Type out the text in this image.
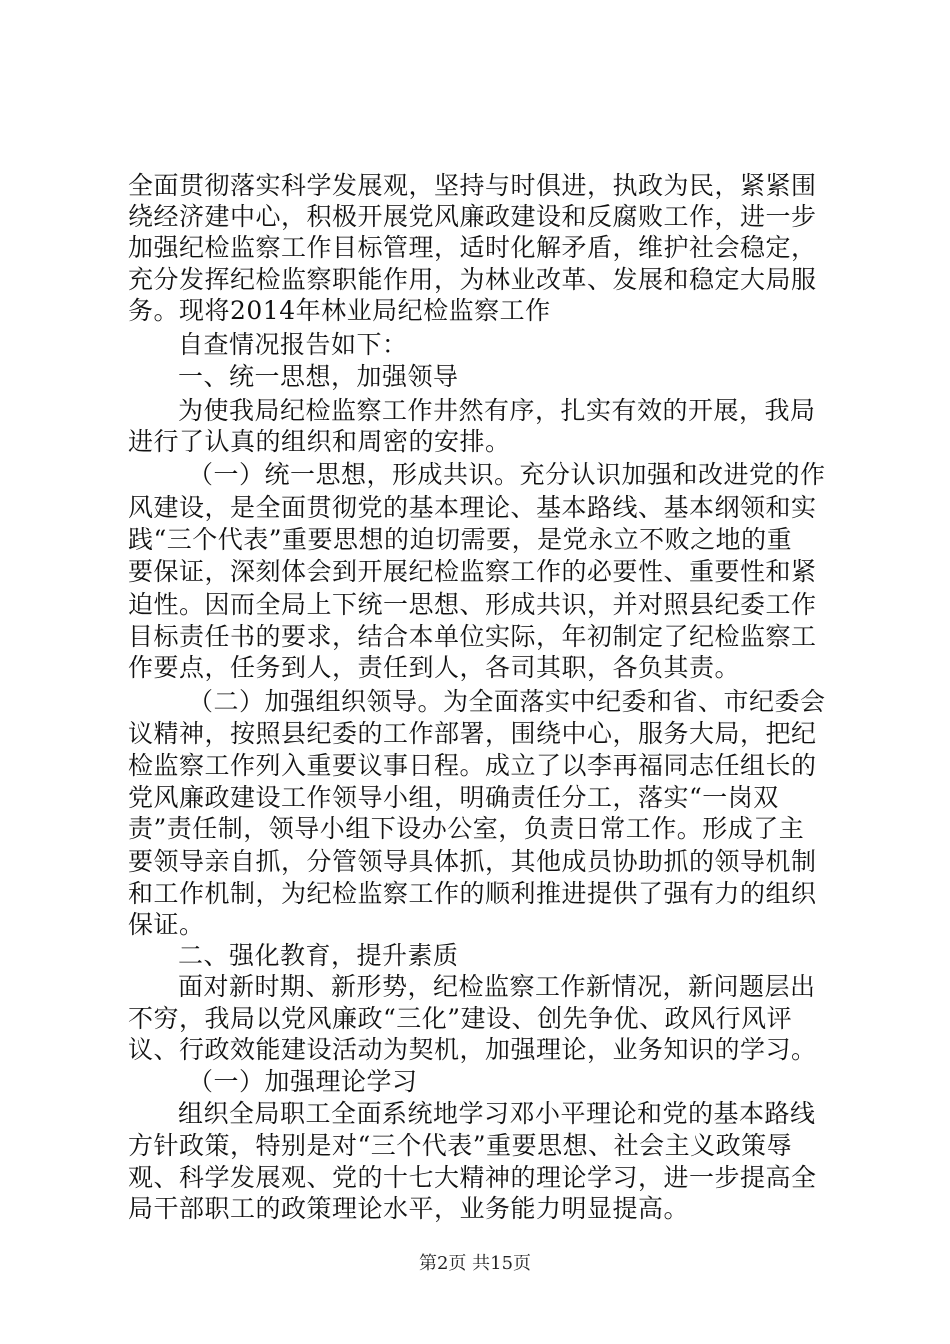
全面贯彻落实科学发展观，坚持与时俱进，执政为民，紧紧围
绕经济建中心，积极开展党风廉政建设和反腐败工作，进一步
加强纪检监察工作目标管理，适时化解矛盾，维护社会稳定，
充分发挥纪检监察职能作用，为林业改革、发展和稳定大局服
务。现将2014年林业局纪检监察工作
自查情况报告如下：
一、统一思想，加强领导
为使我局纪检监察工作井然有序，扎实有效的开展，我局
进行了认真的组织和周密的安排。
（一）统一思想，形成共识。充分认识加强和改进党的作
风建设，是全面贯彻党的基本理论、基本路线、基本纲领和实
践“三个代表”重要思想的迫切需要，是党永立不败之地的重
要保证，深刻体会到开展纪检监察工作的必要性、重要性和紧
迫性。因而全局上下统一思想、形成共识，并对照县纪委工作
目标责任书的要求，结合本单位实际，年初制定了纪检监察工
作要点，任务到人，责任到人，各司其职，各负其责。
（二）加强组织领导。为全面落实中纪委和省、市纪委会
议精神，按照县纪委的工作部署，围绕中心，服务大局，把纪
检监察工作列入重要议事日程。成立了以李再福同志任组长的
党风廉政建设工作领导小组，明确责任分工，落实“一岗双
责”责任制，领导小组下设办公室，负责日常工作。形成了主
要领导亲自抓，分管领导具体抓，其他成员协助抓的领导机制
和工作机制，为纪检监察工作的顺利推进提供了强有力的组织
保证。
二、强化教育，提升素质
面对新时期、新形势，纪检监察工作新情况，新问题层出
不穷，我局以党风廉政“三化”建设、创先争优、政风行风评
议、行政效能建设活动为契机，加强理论，业务知识的学习。
（一）加强理论学习
组织全局职工全面系统地学习邓小平理论和党的基本路线
方针政策，特别是对“三个代表”重要思想、社会主义政策辱
观、科学发展观、党的十七大精神的理论学习，进一步提高全
局干部职工的政策理论水平，业务能力明显提高。
第2页 共15页
